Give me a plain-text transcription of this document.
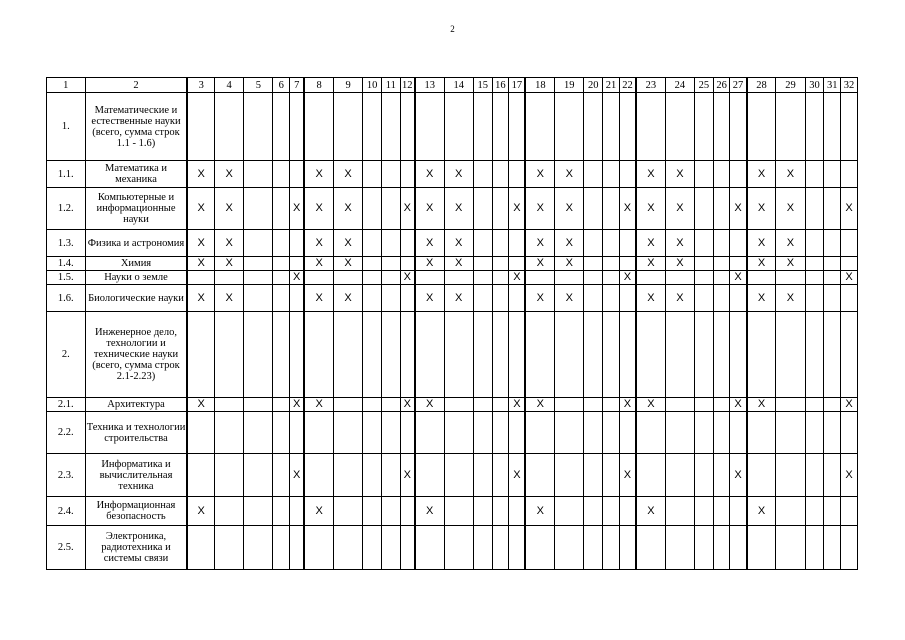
2
1	2	3	4	5	6	7	8	9	10	11	12	13	14	15	16	17	18	19	20	21	22	23	24	25	26	27	28	29	30	31	32
1.	Математические и естественные науки (всего, сумма строк 1.1 - 1.6)																														
1.1.	Математика и механика	X	X				X	X				X	X				X	X				X	X				X	X			
1.2.	Компьютерные и информационные науки	X	X			X	X	X			X	X	X			X	X	X			X	X	X			X	X	X			X
1.3.	Физика и астрономия	X	X				X	X				X	X				X	X				X	X				X	X			
1.4.	Химия	X	X				X	X				X	X				X	X				X	X				X	X			
1.5.	Науки о земле					X					X					X					X					X					X
1.6.	Биологические науки	X	X				X	X				X	X				X	X				X	X				X	X			
2.	Инженерное дело, технологии и технические науки (всего, сумма строк 2.1-2.23)																														
2.1.	Архитектура	X				X	X				X	X				X	X				X	X				X	X				X
2.2.	Техника и технологии строительства																														
2.3.	Информатика и вычислительная техника					X					X					X					X					X					X
2.4.	Информационная безопасность	X					X					X					X					X					X				
2.5.	Электроника, радиотехника и системы связи																														
